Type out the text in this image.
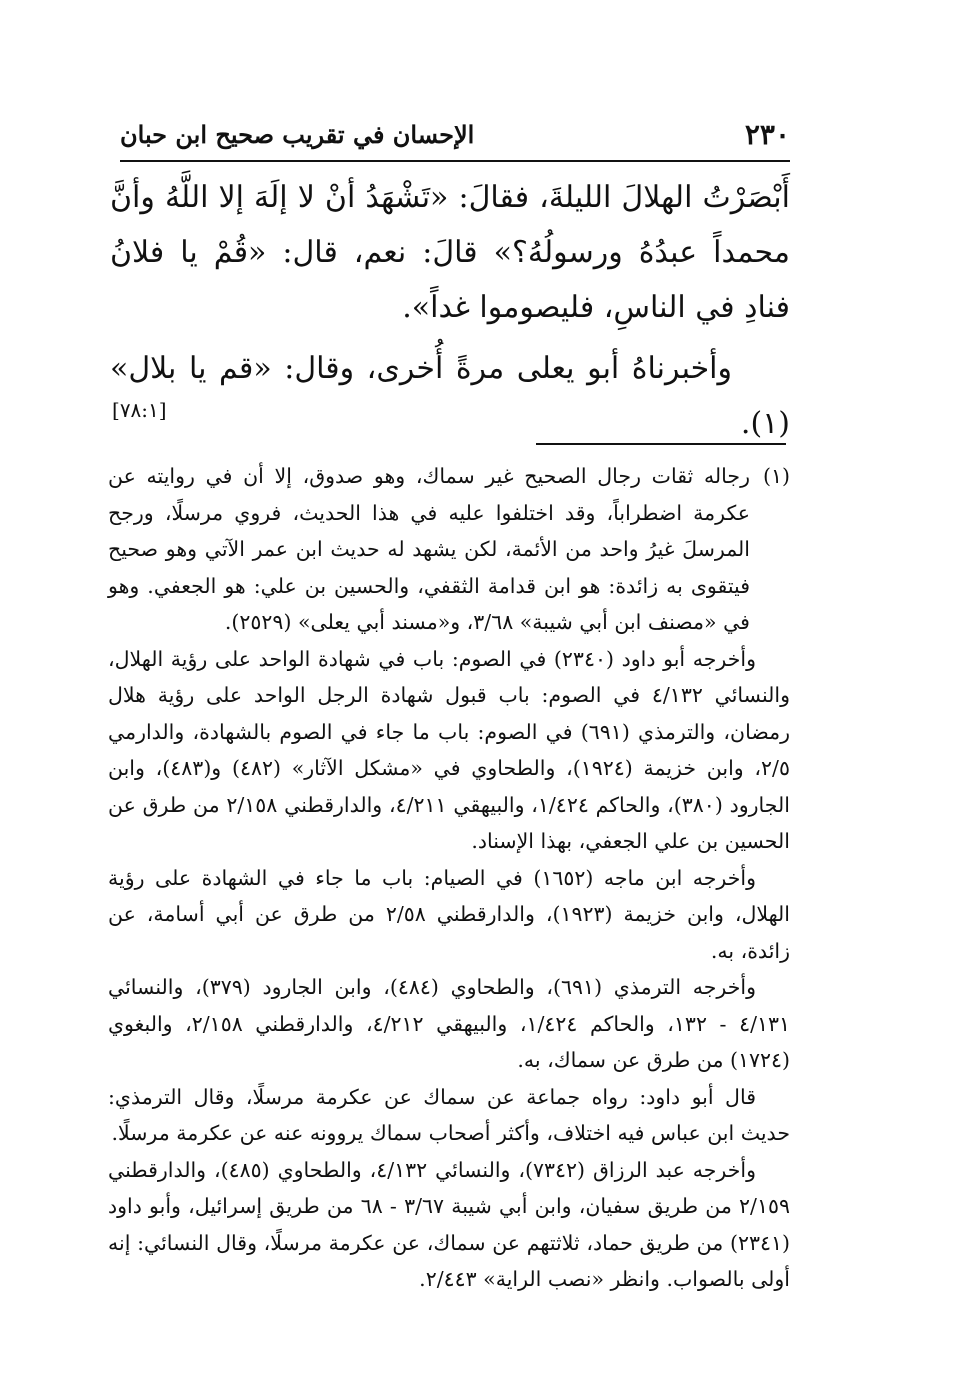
٢٣٠
الإحسان في تقريب صحيح ابن حبان

أَبْصَرْتُ الهلالَ الليلةَ، فقالَ: «تَشْهَدُ أنْ لا إلَهَ إلا اللَّهُ وأنَّ محمداً عبدُهُ ورسولُهُ؟» قالَ: نعم، قال: «قُمْ يا فلانُ فنادِ في الناسِ، فليصوموا غداً».

وأخبرناهُ أبو يعلى مرةً أُخرى، وقال: «قم يا بلال» (١).

[٧٨:١]

(١)
رجاله ثقات رجال الصحيح غير سماك، وهو صدوق، إلا أن في روايته عن عكرمة اضطراباً، وقد اختلفوا عليه في هذا الحديث، فروي مرسلًا، ورجح المرسلَ غيرُ واحد من الأئمة، لكن يشهد له حديث ابن عمر الآتي وهو صحيح فيتقوى به زائدة: هو ابن قدامة الثقفي، والحسين بن علي: هو الجعفي. وهو في «مصنف ابن أبي شيبة» ٣/٦٨، و«مسند أبي يعلى» (٢٥٢٩).

وأخرجه أبو داود (٢٣٤٠) في الصوم: باب في شهادة الواحد على رؤية الهلال، والنسائي ٤/١٣٢ في الصوم: باب قبول شهادة الرجل الواحد على رؤية هلال رمضان، والترمذي (٦٩١) في الصوم: باب ما جاء في الصوم بالشهادة، والدارمي ٢/٥، وابن خزيمة (١٩٢٤)، والطحاوي في «مشكل الآثار» (٤٨٢) و(٤٨٣)، وابن الجارود (٣٨٠)، والحاكم ١/٤٢٤، والبيهقي ٤/٢١١، والدارقطني ٢/١٥٨ من طرق عن الحسين بن علي الجعفي، بهذا الإسناد.

وأخرجه ابن ماجه (١٦٥٢) في الصيام: باب ما جاء في الشهادة على رؤية الهلال، وابن خزيمة (١٩٢٣)، والدارقطني ٢/٥٨ من طرق عن أبي أسامة، عن زائدة، به.

وأخرجه الترمذي (٦٩١)، والطحاوي (٤٨٤)، وابن الجارود (٣٧٩)، والنسائي ٤/١٣١ - ١٣٢، والحاكم ١/٤٢٤، والبيهقي ٤/٢١٢، والدارقطني ٢/١٥٨، والبغوي (١٧٢٤) من طرق عن سماك، به.

قال أبو داود: رواه جماعة عن سماك عن عكرمة مرسلًا، وقال الترمذي: حديث ابن عباس فيه اختلاف، وأكثر أصحاب سماك يروونه عنه عن عكرمة مرسلًا.

وأخرجه عبد الرزاق (٧٣٤٢)، والنسائي ٤/١٣٢، والطحاوي (٤٨٥)، والدارقطني ٢/١٥٩ من طريق سفيان، وابن أبي شيبة ٣/٦٧ - ٦٨ من طريق إسرائيل، وأبو داود (٢٣٤١) من طريق حماد، ثلاثتهم عن سماك، عن عكرمة مرسلًا، وقال النسائي: إنه أولى بالصواب. وانظر «نصب الراية» ٢/٤٤٣.
